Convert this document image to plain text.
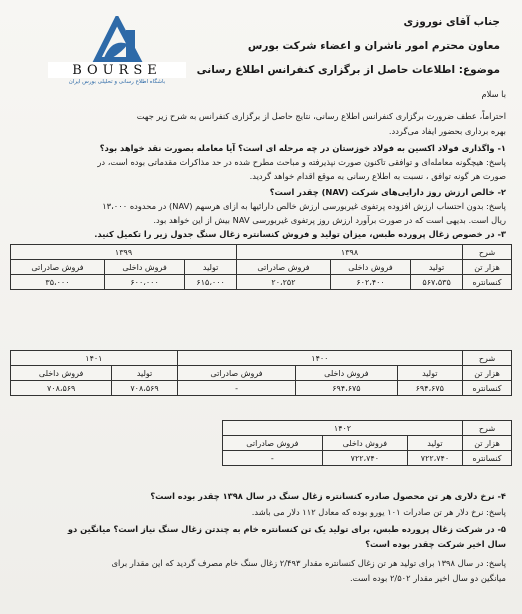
BOURSE
باشگاه اطلاع رسانی و تحلیلی بورس ایران
جناب آقای نوروزی
معاون محترم امور ناشران و اعضاء شرکت بورس
موضوع: اطلاعات حاصل از برگزاری کنفرانس اطلاع رسانی
با سلام
احتراماً، عطف ضرورت برگزاری کنفرانس اطلاع رسانی، نتایج حاصل از برگزاری کنفرانس به شرح زیر جهت
بهره برداری بحضور ایفاد می‌گردد.
۱- واگذاری فولاد اکسین به فولاد خوزستان در چه مرحله ای است؟ آیا معامله بصورت نقد خواهد بود؟
پاسخ: هیچگونه معامله‌ای و توافقی تاکنون صورت نپذیرفته و مباحث مطرح شده در حد مذاکرات مقدماتی بوده است، در
صورت هر گونه توافق ، نسبت به اطلاع رسانی به موقع اقدام خواهد گردید.
۲- خالص ارزش روز دارایی‌های شرکت (NAV) چقدر است؟
پاسخ: بدون احتساب ارزش افزوده پرتفوی غیربورسی ارزش خالص دارائیها به ازای هرسهم (NAV) در محدوده ۱۳،۰۰۰
ریال است. بدیهی است که در صورت برآورد ارزش روز پرتفوی غیربورسی NAV بیش از این خواهد بود.
۳- در خصوص زغال پرورده طبس، میزان تولید و فروش کنسانتره زغال سنگ جدول زیر را تکمیل کنید.
شرح	۱۳۹۸			۱۳۹۹		
هزار تن	تولید	فروش داخلی	فروش صادراتی	تولید	فروش داخلی	فروش صادراتی
کنسانتره	۵۶۷،۵۳۵	۶۰۲،۴۰۰	۲۰،۲۵۲	۶۱۵،۰۰۰	۶۰۰،۰۰۰	۳۵،۰۰۰
شرح	۱۴۰۰			۱۴۰۱	
هزار تن	تولید	فروش داخلی	فروش صادراتی	تولید	فروش داخلی
کنسانتره	۶۹۴،۶۷۵	۶۹۴،۶۷۵	-	۷۰۸،۵۶۹	۷۰۸،۵۶۹
شرح	۱۴۰۲		
هزار تن	تولید	فروش داخلی	فروش صادراتی
کنسانتره	۷۲۲،۷۴۰	۷۲۲،۷۴۰	-
۴- نرخ دلاری هر تن محصول صادره کنسانتره زغال سنگ در سال ۱۳۹۸ چقدر بوده است؟
پاسخ: نرخ دلار هر تن صادرات ۱۰۱ یورو بوده که معادل ۱۱۲ دلار می باشد.
۵- در شرکت زغال پرورده طبس، برای تولید یک تن کنسانتره خام به چندتن زغال سنگ نیاز است؟ میانگین دو
سال اخیر شرکت چقدر بوده است؟
پاسخ: در سال ۱۳۹۸ برای تولید هر تن زغال کنسانتره مقدار ۲/۴۹۳ زغال سنگ خام مصرف گردید که این مقدار برای
میانگین دو سال اخیر مقدار ۲/۵۰۲ بوده است.
